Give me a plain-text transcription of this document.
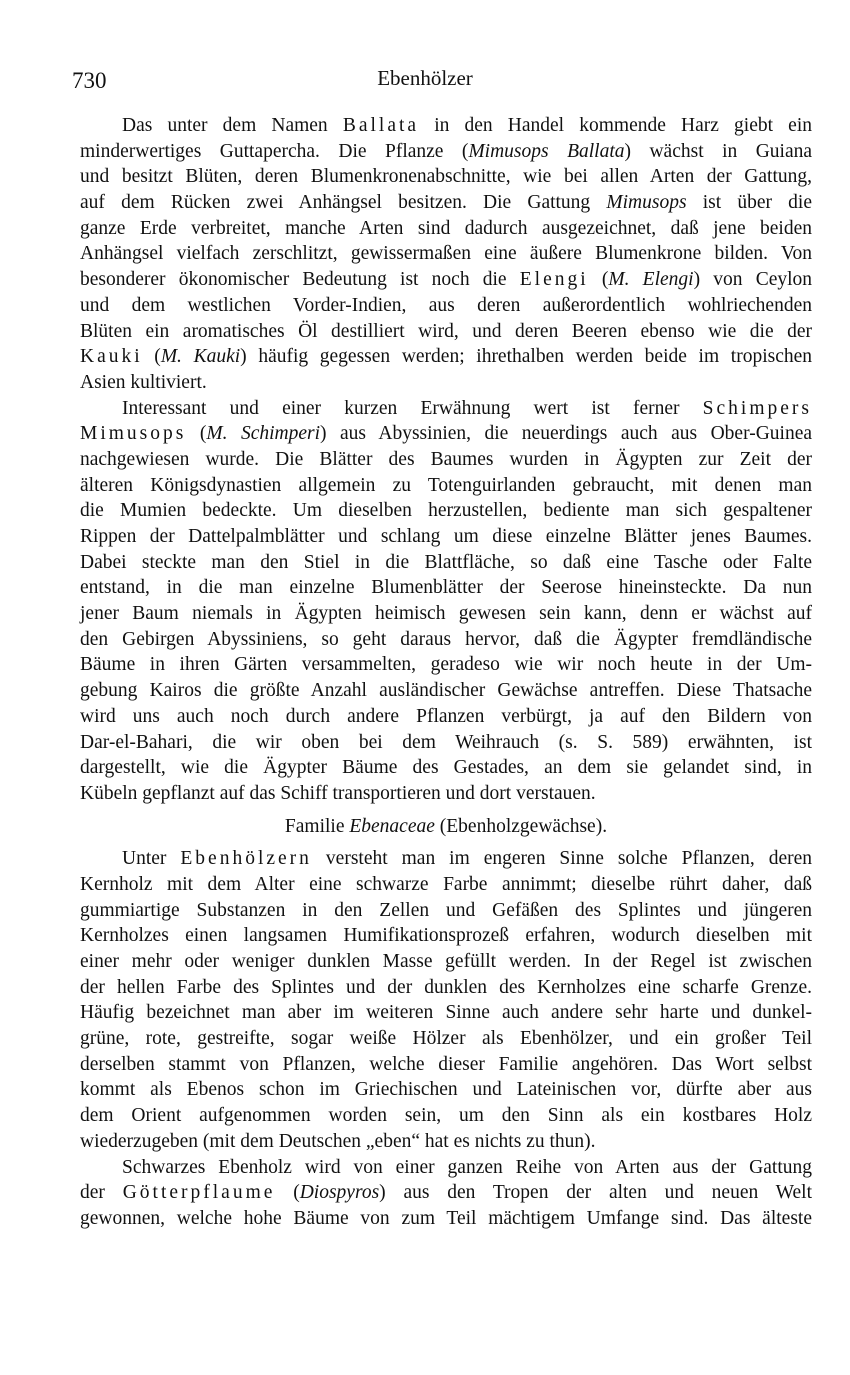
730	Ebenhölzer
Das unter dem Namen Ballata in den Handel kommende Harz giebt ein
minderwertiges Guttapercha. Die Pflanze (Mimusops Ballata) wächst in Guiana
und besitzt Blüten, deren Blumenkronenabschnitte, wie bei allen Arten der Gattung,
auf dem Rücken zwei Anhängsel besitzen. Die Gattung Mimusops ist über die
ganze Erde verbreitet, manche Arten sind dadurch ausgezeichnet, daß jene beiden
Anhängsel vielfach zerschlitzt, gewissermaßen eine äußere Blumenkrone bilden. Von
besonderer ökonomischer Bedeutung ist noch die Elengi (M. Elengi) von Ceylon
und dem westlichen Vorder-Indien, aus deren außerordentlich wohlriechenden
Blüten ein aromatisches Öl destilliert wird, und deren Beeren ebenso wie die der
Kauki (M. Kauki) häufig gegessen werden; ihrethalben werden beide im tropischen
Asien kultiviert.
Interessant und einer kurzen Erwähnung wert ist ferner Schimpers
Mimusops (M. Schimperi) aus Abyssinien, die neuerdings auch aus Ober-Guinea
nachgewiesen wurde. Die Blätter des Baumes wurden in Ägypten zur Zeit der
älteren Königsdynastien allgemein zu Totenguirlanden gebraucht, mit denen man
die Mumien bedeckte. Um dieselben herzustellen, bediente man sich gespaltener
Rippen der Dattelpalmblätter und schlang um diese einzelne Blätter jenes Baumes.
Dabei steckte man den Stiel in die Blattfläche, so daß eine Tasche oder Falte
entstand, in die man einzelne Blumenblätter der Seerose hineinsteckte. Da nun
jener Baum niemals in Ägypten heimisch gewesen sein kann, denn er wächst auf
den Gebirgen Abyssiniens, so geht daraus hervor, daß die Ägypter fremdländische
Bäume in ihren Gärten versammelten, geradeso wie wir noch heute in der Um-
gebung Kairos die größte Anzahl ausländischer Gewächse antreffen. Diese Thatsache
wird uns auch noch durch andere Pflanzen verbürgt, ja auf den Bildern von
Dar-el-Bahari, die wir oben bei dem Weihrauch (s. S. 589) erwähnten, ist
dargestellt, wie die Ägypter Bäume des Gestades, an dem sie gelandet sind, in
Kübeln gepflanzt auf das Schiff transportieren und dort verstauen.
Familie Ebenaceae (Ebenholzgewächse).
Unter Ebenhölzern versteht man im engeren Sinne solche Pflanzen, deren
Kernholz mit dem Alter eine schwarze Farbe annimmt; dieselbe rührt daher, daß
gummiartige Substanzen in den Zellen und Gefäßen des Splintes und jüngeren
Kernholzes einen langsamen Humifikationsprozeß erfahren, wodurch dieselben mit
einer mehr oder weniger dunklen Masse gefüllt werden. In der Regel ist zwischen
der hellen Farbe des Splintes und der dunklen des Kernholzes eine scharfe Grenze.
Häufig bezeichnet man aber im weiteren Sinne auch andere sehr harte und dunkel-
grüne, rote, gestreifte, sogar weiße Hölzer als Ebenhölzer, und ein großer Teil
derselben stammt von Pflanzen, welche dieser Familie angehören. Das Wort selbst
kommt als Ebenos schon im Griechischen und Lateinischen vor, dürfte aber aus
dem Orient aufgenommen worden sein, um den Sinn als ein kostbares Holz
wiederzugeben (mit dem Deutschen „eben“ hat es nichts zu thun).
Schwarzes Ebenholz wird von einer ganzen Reihe von Arten aus der Gattung
der Götterpflaume (Diospyros) aus den Tropen der alten und neuen Welt
gewonnen, welche hohe Bäume von zum Teil mächtigem Umfange sind. Das älteste
